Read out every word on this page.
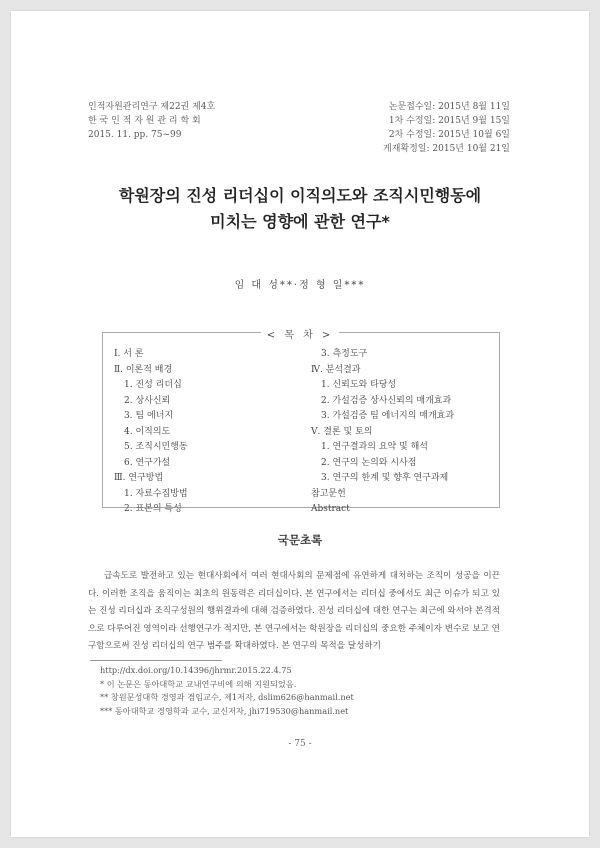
인적자원관리연구 제22권 제4호
한 국 인 적 자 원 관 리 학 회
2015. 11. pp. 75~99
논문접수일: 2015년 8월 11일
1차 수정일: 2015년 9월 15일
2차 수정일: 2015년 10월 6일
게재확정일: 2015년 10월 21일
학원장의 진성 리더십이 이직의도와 조직시민행동에
미치는 영향에 관한 연구*
임 대 성**·정 형 일***
< 목 차 >
Ⅰ. 서 론
Ⅱ. 이론적 배경
1. 진성 리더십
2. 상사신뢰
3. 팀 에너지
4. 이직의도
5. 조직시민행동
6. 연구가설
Ⅲ. 연구방법
1. 자료수집방법
2. 표본의 특성
3. 측정도구
Ⅳ. 분석결과
1. 신뢰도와 타당성
2. 가설검증 상사신뢰의 매개효과
3. 가설검증 팀 에너지의 매개효과
Ⅴ. 결론 및 토의
1. 연구결과의 요약 및 해석
2. 연구의 논의와 시사점
3. 연구의 한계 및 향후 연구과제
참고문헌
Abstract
국문초록
급속도로 발전하고 있는 현대사회에서 여러 현대사회의 문제점에 유연하게 대처하는 조직이 성공을 이끈다. 이러한 조직을 움직이는 최초의 원동력은 리더십이다. 본 연구에서는 리더십 중에서도 최근 이슈가 되고 있는 진성 리더십과 조직구성원의 행위결과에 대해 검증하였다. 진성 리더십에 대한 연구는 최근에 와서야 본격적으로 다루어진 영역이라 선행연구가 적지만, 본 연구에서는 학원장을 리더십의 중요한 주체이자 변수로 보고 연구함으로써 진성 리더십의 연구 범주를 확대하였다. 본 연구의 목적을 달성하기
http://dx.doi.org/10.14396/jhrmr.2015.22.4.75
* 이 논문은 동아대학교 교내연구비에 의해 지원되었음.
** 창원문성대학 경영과 겸임교수, 제1저자, dslim626@hanmail.net
*** 동아대학교 경영학과 교수, 교신저자, jhi719530@hanmail.net
- 75 -
